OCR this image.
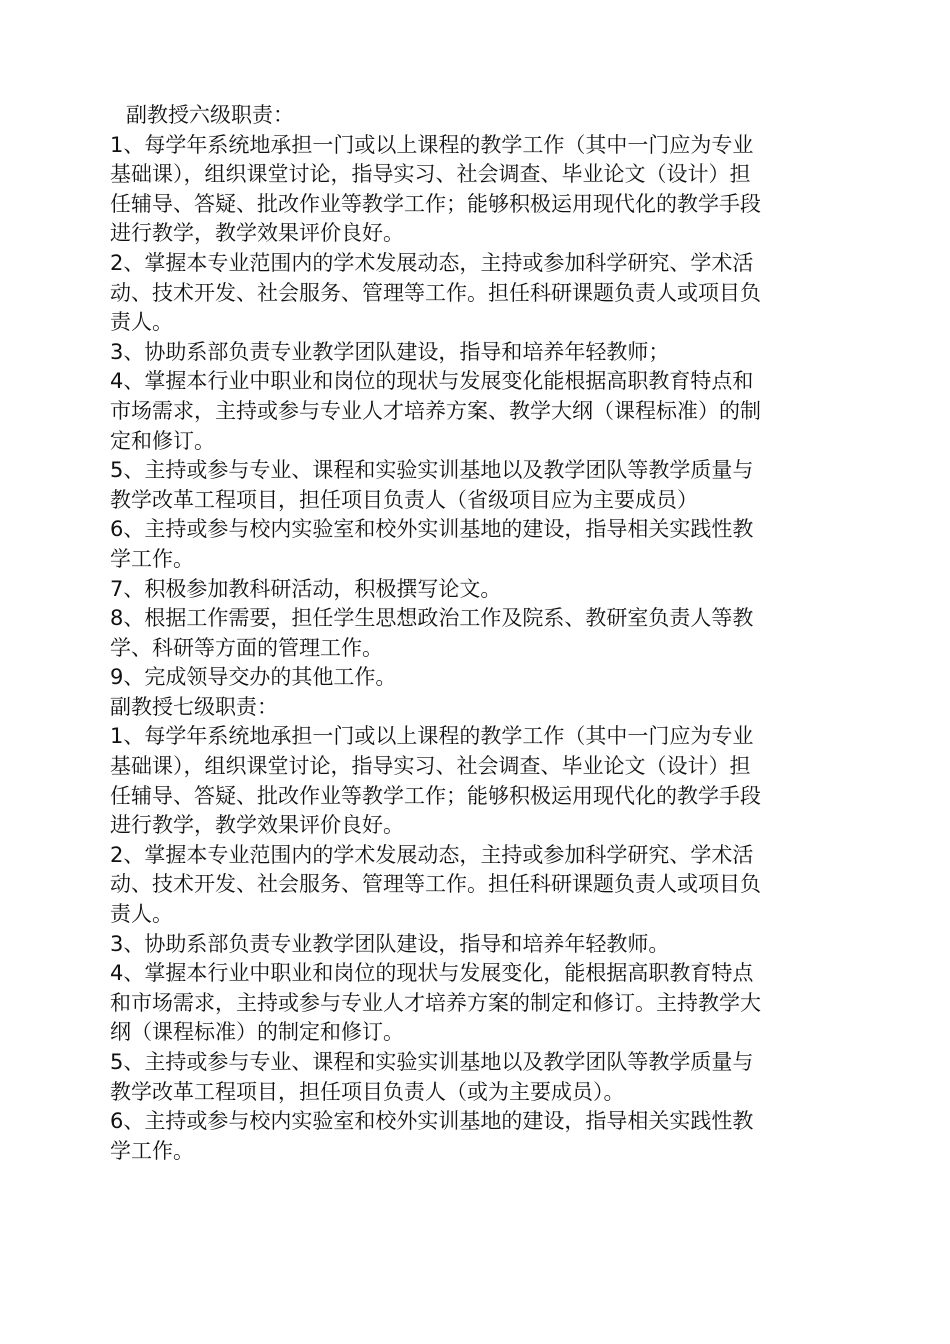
副教授六级职责：
1、每学年系统地承担一门或以上课程的教学工作（其中一门应为专业
基础课），组织课堂讨论，指导实习、社会调查、毕业论文（设计）担
任辅导、答疑、批改作业等教学工作；能够积极运用现代化的教学手段
进行教学，教学效果评价良好。
2、掌握本专业范围内的学术发展动态，主持或参加科学研究、学术活
动、技术开发、社会服务、管理等工作。担任科研课题负责人或项目负
责人。
3、协助系部负责专业教学团队建设，指导和培养年轻教师；
4、掌握本行业中职业和岗位的现状与发展变化能根据高职教育特点和
市场需求，主持或参与专业人才培养方案、教学大纲（课程标准）的制
定和修订。
5、主持或参与专业、课程和实验实训基地以及教学团队等教学质量与
教学改革工程项目，担任项目负责人（省级项目应为主要成员）
6、主持或参与校内实验室和校外实训基地的建设，指导相关实践性教
学工作。
7、积极参加教科研活动，积极撰写论文。
8、根据工作需要，担任学生思想政治工作及院系、教研室负责人等教
学、科研等方面的管理工作。
9、完成领导交办的其他工作。
副教授七级职责：
1、每学年系统地承担一门或以上课程的教学工作（其中一门应为专业
基础课），组织课堂讨论，指导实习、社会调查、毕业论文（设计）担
任辅导、答疑、批改作业等教学工作；能够积极运用现代化的教学手段
进行教学，教学效果评价良好。
2、掌握本专业范围内的学术发展动态，主持或参加科学研究、学术活
动、技术开发、社会服务、管理等工作。担任科研课题负责人或项目负
责人。
3、协助系部负责专业教学团队建设，指导和培养年轻教师。
4、掌握本行业中职业和岗位的现状与发展变化，能根据高职教育特点
和市场需求，主持或参与专业人才培养方案的制定和修订。主持教学大
纲（课程标准）的制定和修订。
5、主持或参与专业、课程和实验实训基地以及教学团队等教学质量与
教学改革工程项目，担任项目负责人（或为主要成员）。
6、主持或参与校内实验室和校外实训基地的建设，指导相关实践性教
学工作。
